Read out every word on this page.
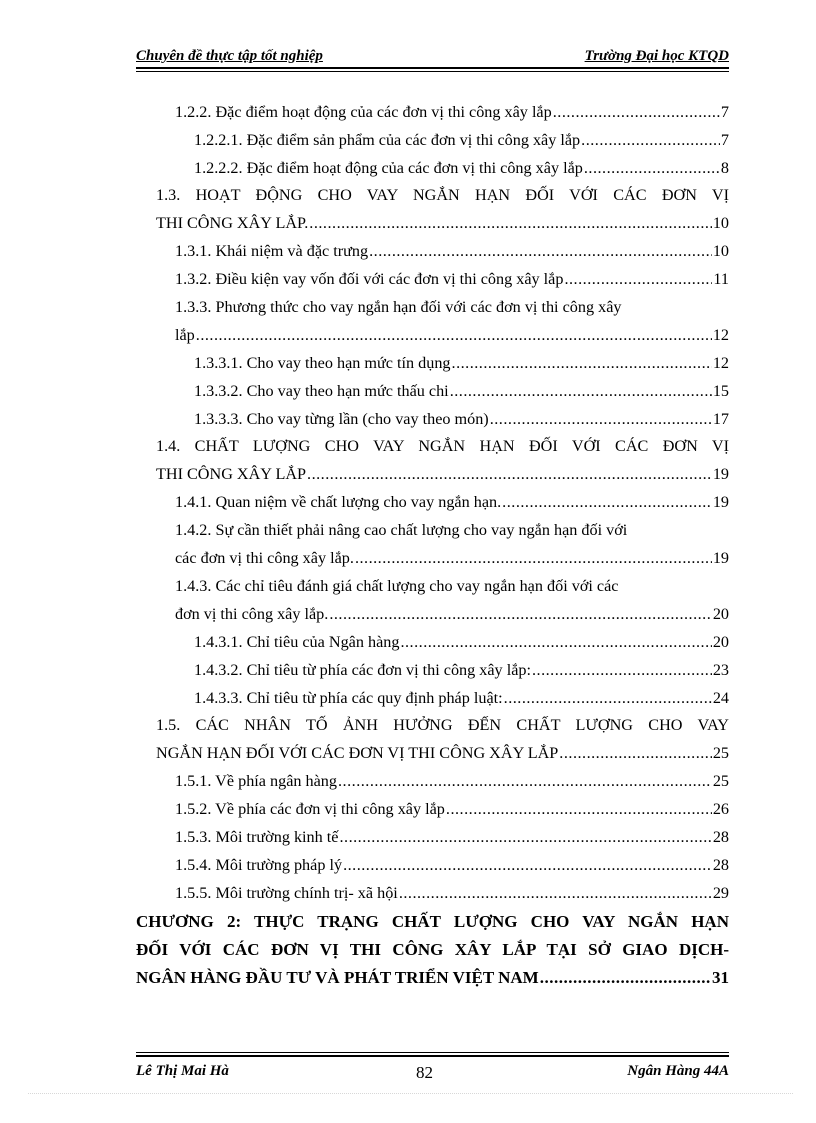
Chuyên đề thực tập tốt nghiệp	Trường Đại học KTQD
1.2.2. Đặc điểm hoạt động của các đơn vị thi công xây lắp .....	7
1.2.2.1. Đặc điểm sản phẩm của các đơn vị thi công xây lắp .....	7
1.2.2.2. Đặc điểm hoạt động của các đơn vị thi công xây lắp .....	8
1.3. HOẠT ĐỘNG CHO VAY NGẮN HẠN ĐỐI VỚI CÁC ĐƠN VỊ
THI CÔNG XÂY LẮP. .....	10
1.3.1. Khái niệm và đặc trưng .....	10
1.3.2. Điều kiện vay vốn đối với các đơn vị thi công xây lắp .....	11
1.3.3. Phương thức cho vay ngắn hạn đối với các đơn vị thi công xây
lắp .....	12
1.3.3.1. Cho vay theo hạn mức tín dụng .....	12
1.3.3.2. Cho vay theo hạn mức thấu chi .....	15
1.3.3.3. Cho vay từng lần (cho vay theo món) .....	17
1.4. CHẤT LƯỢNG CHO VAY NGẮN HẠN ĐỐI VỚI CÁC ĐƠN VỊ
THI CÔNG XÂY LẮP .....	19
1.4.1. Quan niệm về chất lượng cho vay ngắn hạn. .....	19
1.4.2. Sự cần thiết phải nâng cao chất lượng cho vay ngắn hạn đối với
các đơn vị thi công xây lắp. .....	19
1.4.3. Các chỉ tiêu đánh giá chất lượng cho vay ngắn hạn đối với các
đơn vị thi công xây lắp. .....	20
1.4.3.1. Chỉ tiêu của Ngân hàng .....	20
1.4.3.2. Chỉ tiêu từ phía các đơn vị thi công xây lắp: .....	23
1.4.3.3. Chỉ tiêu từ phía các quy định pháp luật: .....	24
1.5. CÁC NHÂN TỐ ẢNH HƯỞNG ĐẾN CHẤT LƯỢNG CHO VAY
NGẮN HẠN ĐỐI VỚI CÁC ĐƠN VỊ THI CÔNG XÂY LẮP .....	25
1.5.1. Về phía ngân hàng .....	25
1.5.2. Về phía các đơn vị thi công xây lắp .....	26
1.5.3. Môi trường kinh tế .....	28
1.5.4. Môi trường pháp lý .....	28
1.5.5. Môi trường chính trị- xã hội .....	29
CHƯƠNG 2: THỰC TRẠNG CHẤT LƯỢNG CHO VAY NGẮN HẠN
ĐỐI VỚI CÁC ĐƠN VỊ THI CÔNG XÂY LẮP TẠI SỞ GIAO DỊCH-
NGÂN HÀNG ĐẦU TƯ VÀ PHÁT TRIỂN VIỆT NAM .....	31
Lê Thị Mai Hà	82	Ngân Hàng 44A
